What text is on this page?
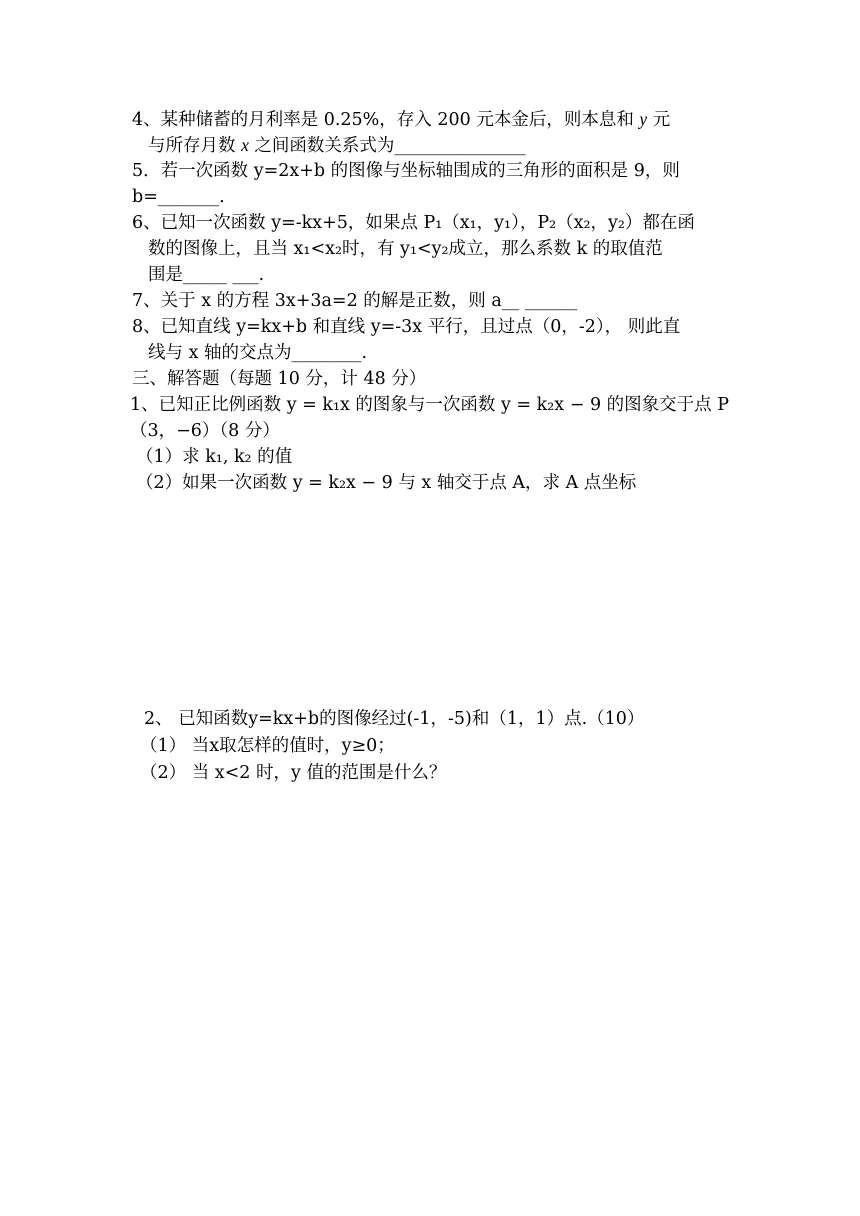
4、某种储蓄的月利率是 0.25%，存入 200 元本金后，则本息和 y 元
与所存月数 x 之间函数关系式为_______________
5．若一次函数 y=2x+b 的图像与坐标轴围成的三角形的面积是 9，则
b=_______.
6、已知一次函数 y=-kx+5，如果点 P₁（x₁，y₁），P₂（x₂，y₂）都在函
数的图像上，且当 x₁<x₂时，有 y₁<y₂成立，那么系数 k 的取值范
围是_____ ___.
7、关于 x 的方程 3x+3a=2 的解是正数，则 a__ ______
8、已知直线 y=kx+b 和直线 y=-3x 平行，且过点（0，-2）， 则此直
线与 x 轴的交点为________.
三、解答题（每题 10 分，计 48 分）
1、已知正比例函数 y = k₁x 的图象与一次函数 y = k₂x − 9 的图象交于点 P
（3，−6）（8 分）
（1）求 k₁, k₂ 的值
（2）如果一次函数 y = k₂x − 9 与 x 轴交于点 A，求 A 点坐标
2、 已知函数y=kx+b的图像经过(-1，-5)和（1，1）点.（10）
（1） 当x取怎样的值时，y≥0；
（2） 当 x<2 时，y 值的范围是什么？
